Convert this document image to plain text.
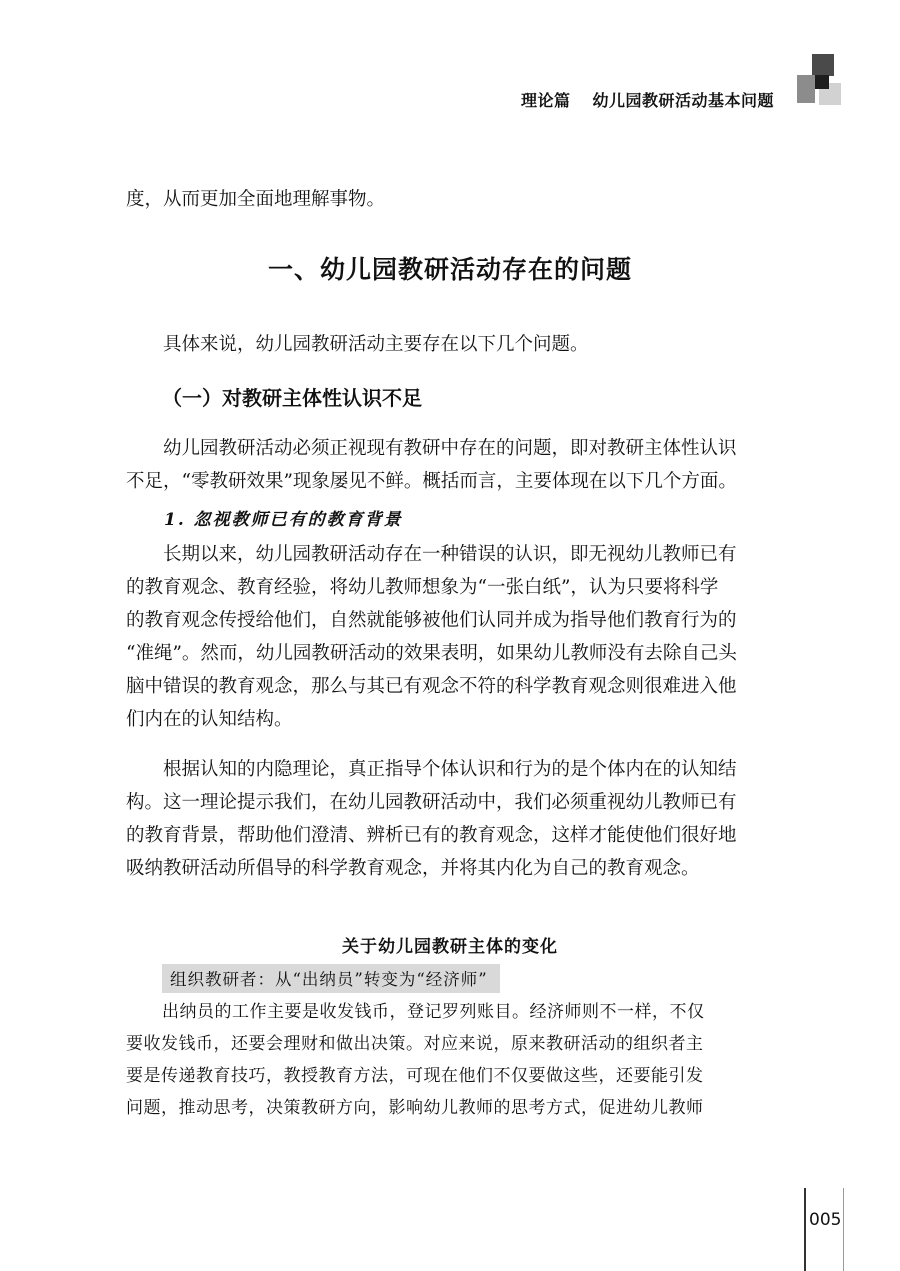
理论篇 幼儿园教研活动基本问题

度，从而更加全面地理解事物。

一、幼儿园教研活动存在的问题

具体来说，幼儿园教研活动主要存在以下几个问题。

（一）对教研主体性认识不足

幼儿园教研活动必须正视现有教研中存在的问题，即对教研主体性认识

不足，“零教研效果”现象屡见不鲜。概括而言，主要体现在以下几个方面。

1. 忽视教师已有的教育背景

长期以来，幼儿园教研活动存在一种错误的认识，即无视幼儿教师已有

的教育观念、教育经验，将幼儿教师想象为“一张白纸”，认为只要将科学

的教育观念传授给他们，自然就能够被他们认同并成为指导他们教育行为的

“准绳”。然而，幼儿园教研活动的效果表明，如果幼儿教师没有去除自己头

脑中错误的教育观念，那么与其已有观念不符的科学教育观念则很难进入他

们内在的认知结构。

根据认知的内隐理论，真正指导个体认识和行为的是个体内在的认知结

构。这一理论提示我们，在幼儿园教研活动中，我们必须重视幼儿教师已有

的教育背景，帮助他们澄清、辨析已有的教育观念，这样才能使他们很好地

吸纳教研活动所倡导的科学教育观念，并将其内化为自己的教育观念。

关于幼儿园教研主体的变化
组织教研者：从“出纳员”转变为“经济师”

出纳员的工作主要是收发钱币，登记罗列账目。经济师则不一样，不仅

要收发钱币，还要会理财和做出决策。对应来说，原来教研活动的组织者主

要是传递教育技巧，教授教育方法，可现在他们不仅要做这些，还要能引发

问题，推动思考，决策教研方向，影响幼儿教师的思考方式，促进幼儿教师

005
